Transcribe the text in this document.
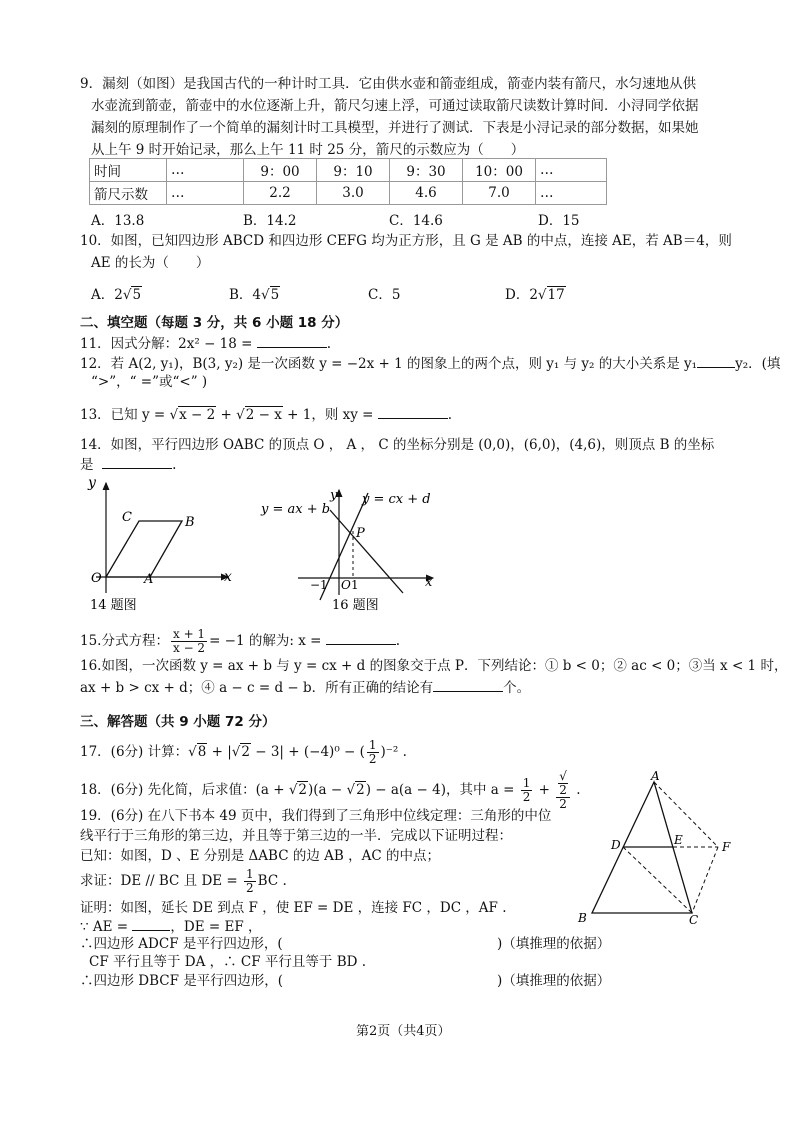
9．漏刻（如图）是我国古代的一种计时工具．它由供水壶和箭壶组成，箭壶内装有箭尺，水匀速地从供
水壶流到箭壶，箭壶中的水位逐渐上升，箭尺匀速上浮，可通过读取箭尺读数计算时间．小浔同学依据
漏刻的原理制作了一个简单的漏刻计时工具模型，并进行了测试．下表是小浔记录的部分数据，如果她
从上午 9 时开始记录，那么上午 11 时 25 分，箭尺的示数应为（　　）
时间	…	9：00	9：10	9：30	10：00	…
箭尺示数	…	2.2	3.0	4.6	7.0	…
A．13.8	B．14.2	C．14.6	D．15
10．如图，已知四边形 ABCD 和四边形 CEFG 均为正方形，且 G 是 AB 的中点，连接 AE，若 AB＝4，则
AE 的长为（　　）
A．2√5	B．4√5	C．5	D．2√17
二、填空题（每题 3 分，共 6 小题 18 分）
11．因式分解：2x² − 18 =	.
12．若 A(2, y₁)，B(3, y₂) 是一次函数 y = −2x + 1 的图象上的两个点，则 y₁ 与 y₂ 的大小关系是 y₁	y₂．(填
“>”，“ =”或“<” )
13．已知 y = √x − 2 + √2 − x + 1，则 xy =	.
14．如图，平行四边形 OABC 的顶点 O ， A ， C 的坐标分别是 (0,0)，(6,0)，(4,6)，则顶点 B 的坐标
是	.
y
x
O	A
B
C
14 题图
y = ax + b
y = cx + d
y
x
P
−1 O 1
16 题图
15.分式方程： $\frac{x + 1}{x - 2} = -1$ 的解为: x =	.
16.如图，一次函数 y = ax + b 与 y = cx + d 的图象交于点 P．下列结论：① b < 0；② ac < 0；③当 x < 1 时，
ax + b > cx + d；④ a − c = d − b．所有正确的结论有	个。
三、解答题（共 9 小题 72 分）
17．(6分) 计算：√8 + |√2 − 3| + (−4)⁰ − ( $\frac{1}{2} )^{-2}$ .
18．(6分) 先化简，后求值：(a + √2)(a − √2) − a(a − 4)，其中 $a = \frac{1}{2}$ + √
2
2 .
19．(6分) 在八下书本 49 页中，我们得到了三角形中位线定理：三角形的中位
线平行于三角形的第三边，并且等于第三边的一半．完成以下证明过程：
已知：如图，D 、E 分别是 ΔABC 的边 AB ，AC 的中点；
求证：DE // BC 且 DE = $\frac{1}{2}$ BC .
证明：如图，延长 DE 到点 F ，使 EF = DE ，连接 FC ，DC ，AF .
∵ AE =	，DE = EF ，
∴四边形 ADCF 是平行四边形，(	)（填推理的依据）
CF 平行且等于 DA ，∴ CF 平行且等于 BD .
∴四边形 DBCF 是平行四边形，(	)（填推理的依据）
A
B	C
D	E	F
第2页（共4页）
